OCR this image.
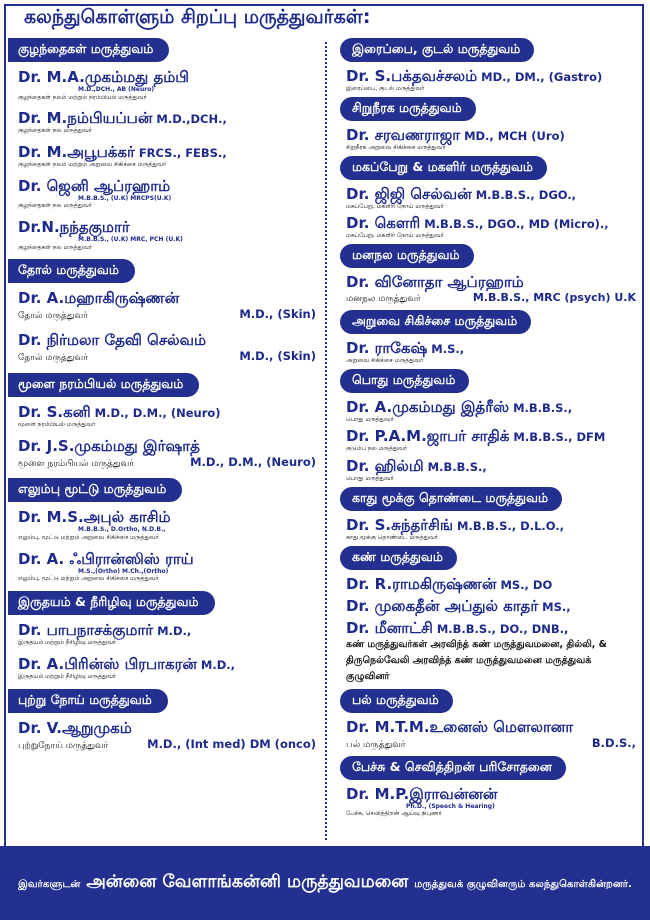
கலந்துகொள்ளும் சிறப்பு மருத்துவர்கள்:
குழந்தைகள் மருத்துவம்
Dr. M.A.முகம்மது தம்பி
M.D.,DCH., AB (Neuro)
குழந்தைகள் நலம் மற்றும் நரம்பியல் மருத்துவர்
Dr. M.நம்பியப்பன் M.D.,DCH.,
குழந்தைகள் நல மருத்துவர்
Dr. M.அபூபக்கர் FRCS., FEBS.,
குழந்தைகள் நலம் மற்றும் அறுவை சிகிச்சை மருத்துவர்
Dr. ஜெனி ஆப்ரஹாம்
M.B.B.S., (U.K) MRCPS(U.K)
குழந்தைகள் நல மருத்துவர்
Dr.N.நந்தகுமார்
M.B.B.S., (U.K) MRC, PCH (U.K)
குழந்தைகள் நல மருத்துவர்
தோல் மருத்துவம்
Dr. A.மஹாகிருஷ்ணன்
தோல் மருத்துவர்	M.D., (Skin)
Dr. நிர்மலா தேவி செல்வம்
தோல் மருத்துவர்	M.D., (Skin)
மூளை நரம்பியல் மருத்துவம்
Dr. S.கனி M.D., D.M., (Neuro)
மூளை நரம்பியல் மருத்துவர்
Dr. J.S.முகம்மது இர்ஷாத்
மூளை நரம்பியல் மருத்துவர்	M.D., D.M., (Neuro)
எலும்பு மூட்டு மருத்துவம்
Dr. M.S.அபுல் காசிம்
M.B.B.S., D.Ortho, N.D.B.,
எலும்பு, மூட்டு மற்றும் அறுவை சிகிச்சை மருத்துவர்
Dr. A. ஃபிரான்ஸிஸ் ராய்
M.S.,(Ortho) M.Ch.,(Ortho)
எலும்பு, மூட்டு மற்றும் அறுவை சிகிச்சை மருத்துவர்
இருதயம் & நீரிழிவு மருத்துவம்
Dr. பாபநாசக்குமார் M.D.,
இருதயம் மற்றும் நீரிழிவு மருத்துவர்
Dr. A.பிரின்ஸ் பிரபாகரன் M.D.,
இருதயம் மற்றும் நீரிழிவு மருத்துவர்
புற்று நோய் மருத்துவம்
Dr. V.ஆறுமுகம்
புற்றுநோய் மருத்துவர்	M.D., (Int med) DM (onco)
இரைப்பை, குடல் மருத்துவம்
Dr. S.பக்தவச்சலம் MD., DM., (Gastro)
இரைப்பை, குடல் மருத்துவர்
சிறுநீரக மருத்துவம்
Dr. சரவணராஜா MD., MCH (Uro)
சிறுநீரக அறுவை சிகிச்சை மருத்துவர்
மகப்பேறு & மகளிர் மருத்துவம்
Dr. ஜிஜி செல்வன் M.B.B.S., DGO.,
மகப்பேறு, மகளிர் நோய் மருத்துவர்
Dr. கௌரி M.B.B.S., DGO., MD (Micro).,
மகப்பேறு, மகளிர் நோய் மருத்துவர்
மனநல மருத்துவம்
Dr. வினோதா ஆப்ரஹாம்
மனநல மருத்துவர்	M.B.B.S., MRC (psych) U.K
அறுவை சிகிச்சை மருத்துவம்
Dr. ராகேஷ் M.S.,
அறுவை சிகிச்சை மருத்துவர்
பொது மருத்துவம்
Dr. A.முகம்மது இத்ரீஸ் M.B.B.S.,
பொது மருத்துவர்
Dr. P.A.M.ஜாபர் சாதிக் M.B.B.S., DFM
குடும்ப நல மருத்துவர்
Dr. ஹில்மி M.B.B.S.,
பொது மருத்துவர்
காது மூக்கு தொண்டை மருத்துவம்
Dr. S.சுந்தர்சிங் M.B.B.S., D.L.O.,
காது மூக்கு தொண்டை மருத்துவர்
கண் மருத்துவம்
Dr. R.ராமகிருஷ்ணன் MS., DO
Dr. முகைதீன் அப்துல் காதர் MS.,
Dr. மீனாட்சி M.B.B.S., DO., DNB.,
கண் மருத்துவர்கள் அரவிந்த் கண் மருத்துவமனை, தில்லி, & திருநெல்வேலி அரவிந்த் கண் மருத்துவமனை மருத்துவக் குழுவினர்
பல் மருத்துவம்
Dr. M.T.M.உனைஸ் மௌலானா
பல் மருத்துவர்	B.D.S.,
பேச்சு & செவித்திறன் பரிசோதனை
Dr. M.P.இராவன்னன்
Ph.D., (Speech & Hearing)
பேச்சு, செவித்திறன் ஆய்வு நிபுணர்
இவர்களுடன் அன்னை வேளாங்கன்னி மருத்துவமனை மருத்துவக் குழுவினரும் கலந்துகொள்கின்றனர்.
